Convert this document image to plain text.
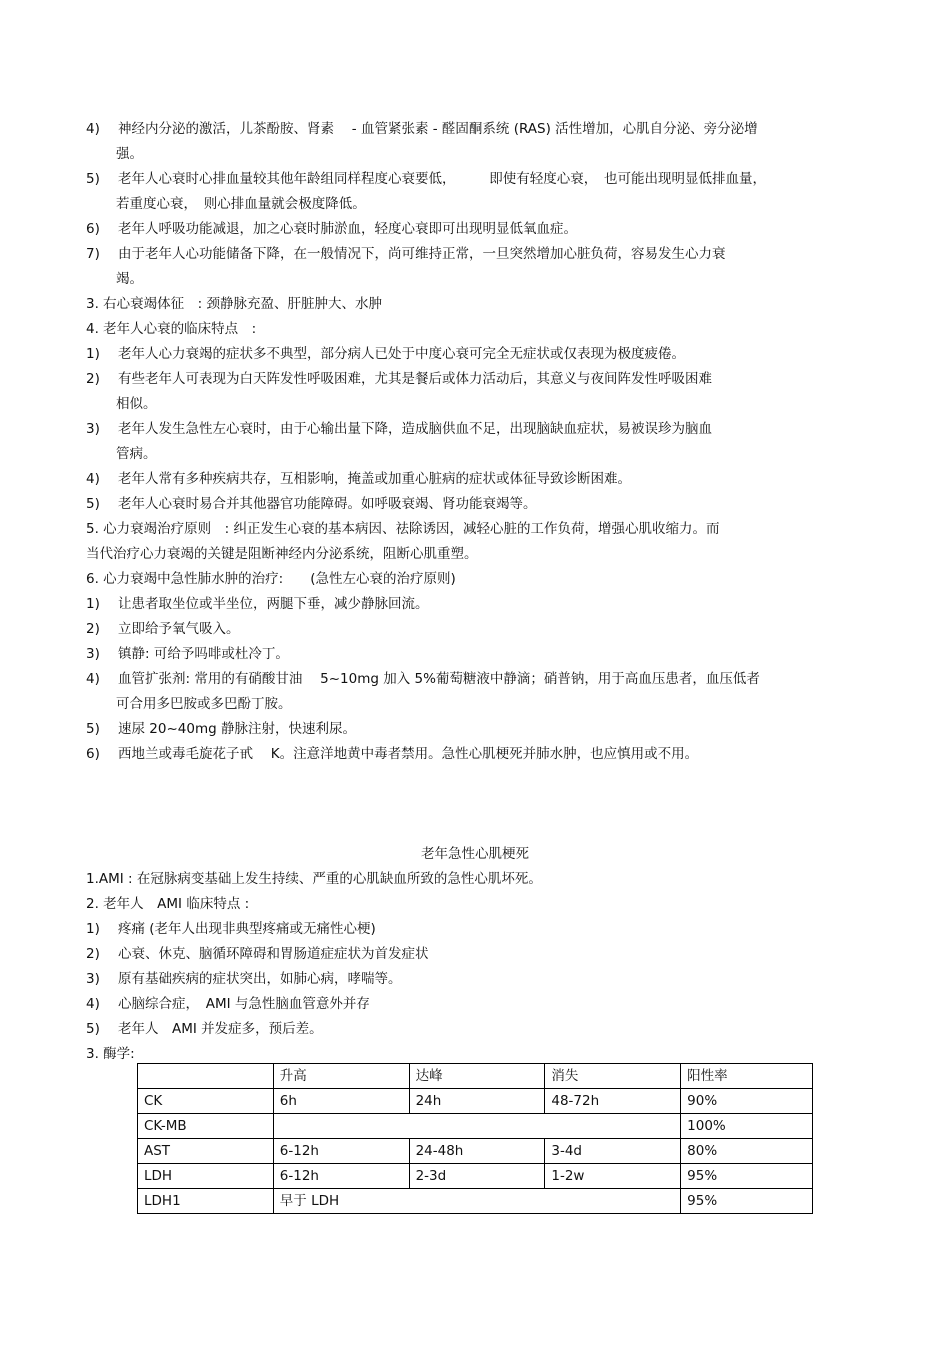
4) 神经内分泌的激活，儿茶酚胺、肾素　 - 血管紧张素 - 醛固酮系统 (RAS) 活性增加，心肌自分泌、旁分泌增
强。
5) 老年人心衰时心排血量较其他年龄组同样程度心衰要低，　　　即使有轻度心衰，　也可能出现明显低排血量，
若重度心衰，　则心排血量就会极度降低。
6) 老年人呼吸功能减退，加之心衰时肺淤血，轻度心衰即可出现明显低氧血症。
7) 由于老年人心功能储备下降，在一般情况下，尚可维持正常，一旦突然增加心脏负荷，容易发生心力衰
竭。
3. 右心衰竭体征　: 颈静脉充盈、肝脏肿大、水肿
4. 老年人心衰的临床特点　:
1) 老年人心力衰竭的症状多不典型，部分病人已处于中度心衰可完全无症状或仅表现为极度疲倦。
2) 有些老年人可表现为白天阵发性呼吸困难，尤其是餐后或体力活动后，其意义与夜间阵发性呼吸困难
相似。
3) 老年人发生急性左心衰时，由于心输出量下降，造成脑供血不足，出现脑缺血症状，易被误珍为脑血
管病。
4) 老年人常有多种疾病共存，互相影响，掩盖或加重心脏病的症状或体征导致诊断困难。
5) 老年人心衰时易合并其他器官功能障碍。如呼吸衰竭、肾功能衰竭等。
5. 心力衰竭治疗原则　: 纠正发生心衰的基本病因、祛除诱因，减轻心脏的工作负荷，增强心肌收缩力。而
当代治疗心力衰竭的关键是阻断神经内分泌系统，阻断心肌重塑。
6. 心力衰竭中急性肺水肿的治疗:　　(急性左心衰的治疗原则)
1) 让患者取坐位或半坐位，两腿下垂，减少静脉回流。
2) 立即给予氧气吸入。
3) 镇静: 可给予吗啡或杜冷丁。
4) 血管扩张剂: 常用的有硝酸甘油　 5~10mg 加入 5%葡萄糖液中静滴；硝普钠，用于高血压患者，血压低者
可合用多巴胺或多巴酚丁胺。
5) 速尿 20~40mg 静脉注射，快速利尿。
6) 西地兰或毒毛旋花子甙　 K。注意洋地黄中毒者禁用。急性心肌梗死并肺水肿，也应慎用或不用。
老年急性心肌梗死
1.AMI : 在冠脉病变基础上发生持续、严重的心肌缺血所致的急性心肌坏死。
2. 老年人　AMI 临床特点 :
1) 疼痛 (老年人出现非典型疼痛或无痛性心梗)
2) 心衰、休克、脑循环障碍和胃肠道症症状为首发症状
3) 原有基础疾病的症状突出，如肺心病，哮喘等。
4) 心脑综合症，　AMI 与急性脑血管意外并存
5) 老年人　AMI 并发症多，预后差。
3. 酶学:
	升高	达峰	消失	阳性率
CK	6h	24h	48-72h	90%
CK-MB				100%
AST	6-12h	24-48h	3-4d	80%
LDH	6-12h	2-3d	1-2w	95%
LDH1	早于 LDH			95%
